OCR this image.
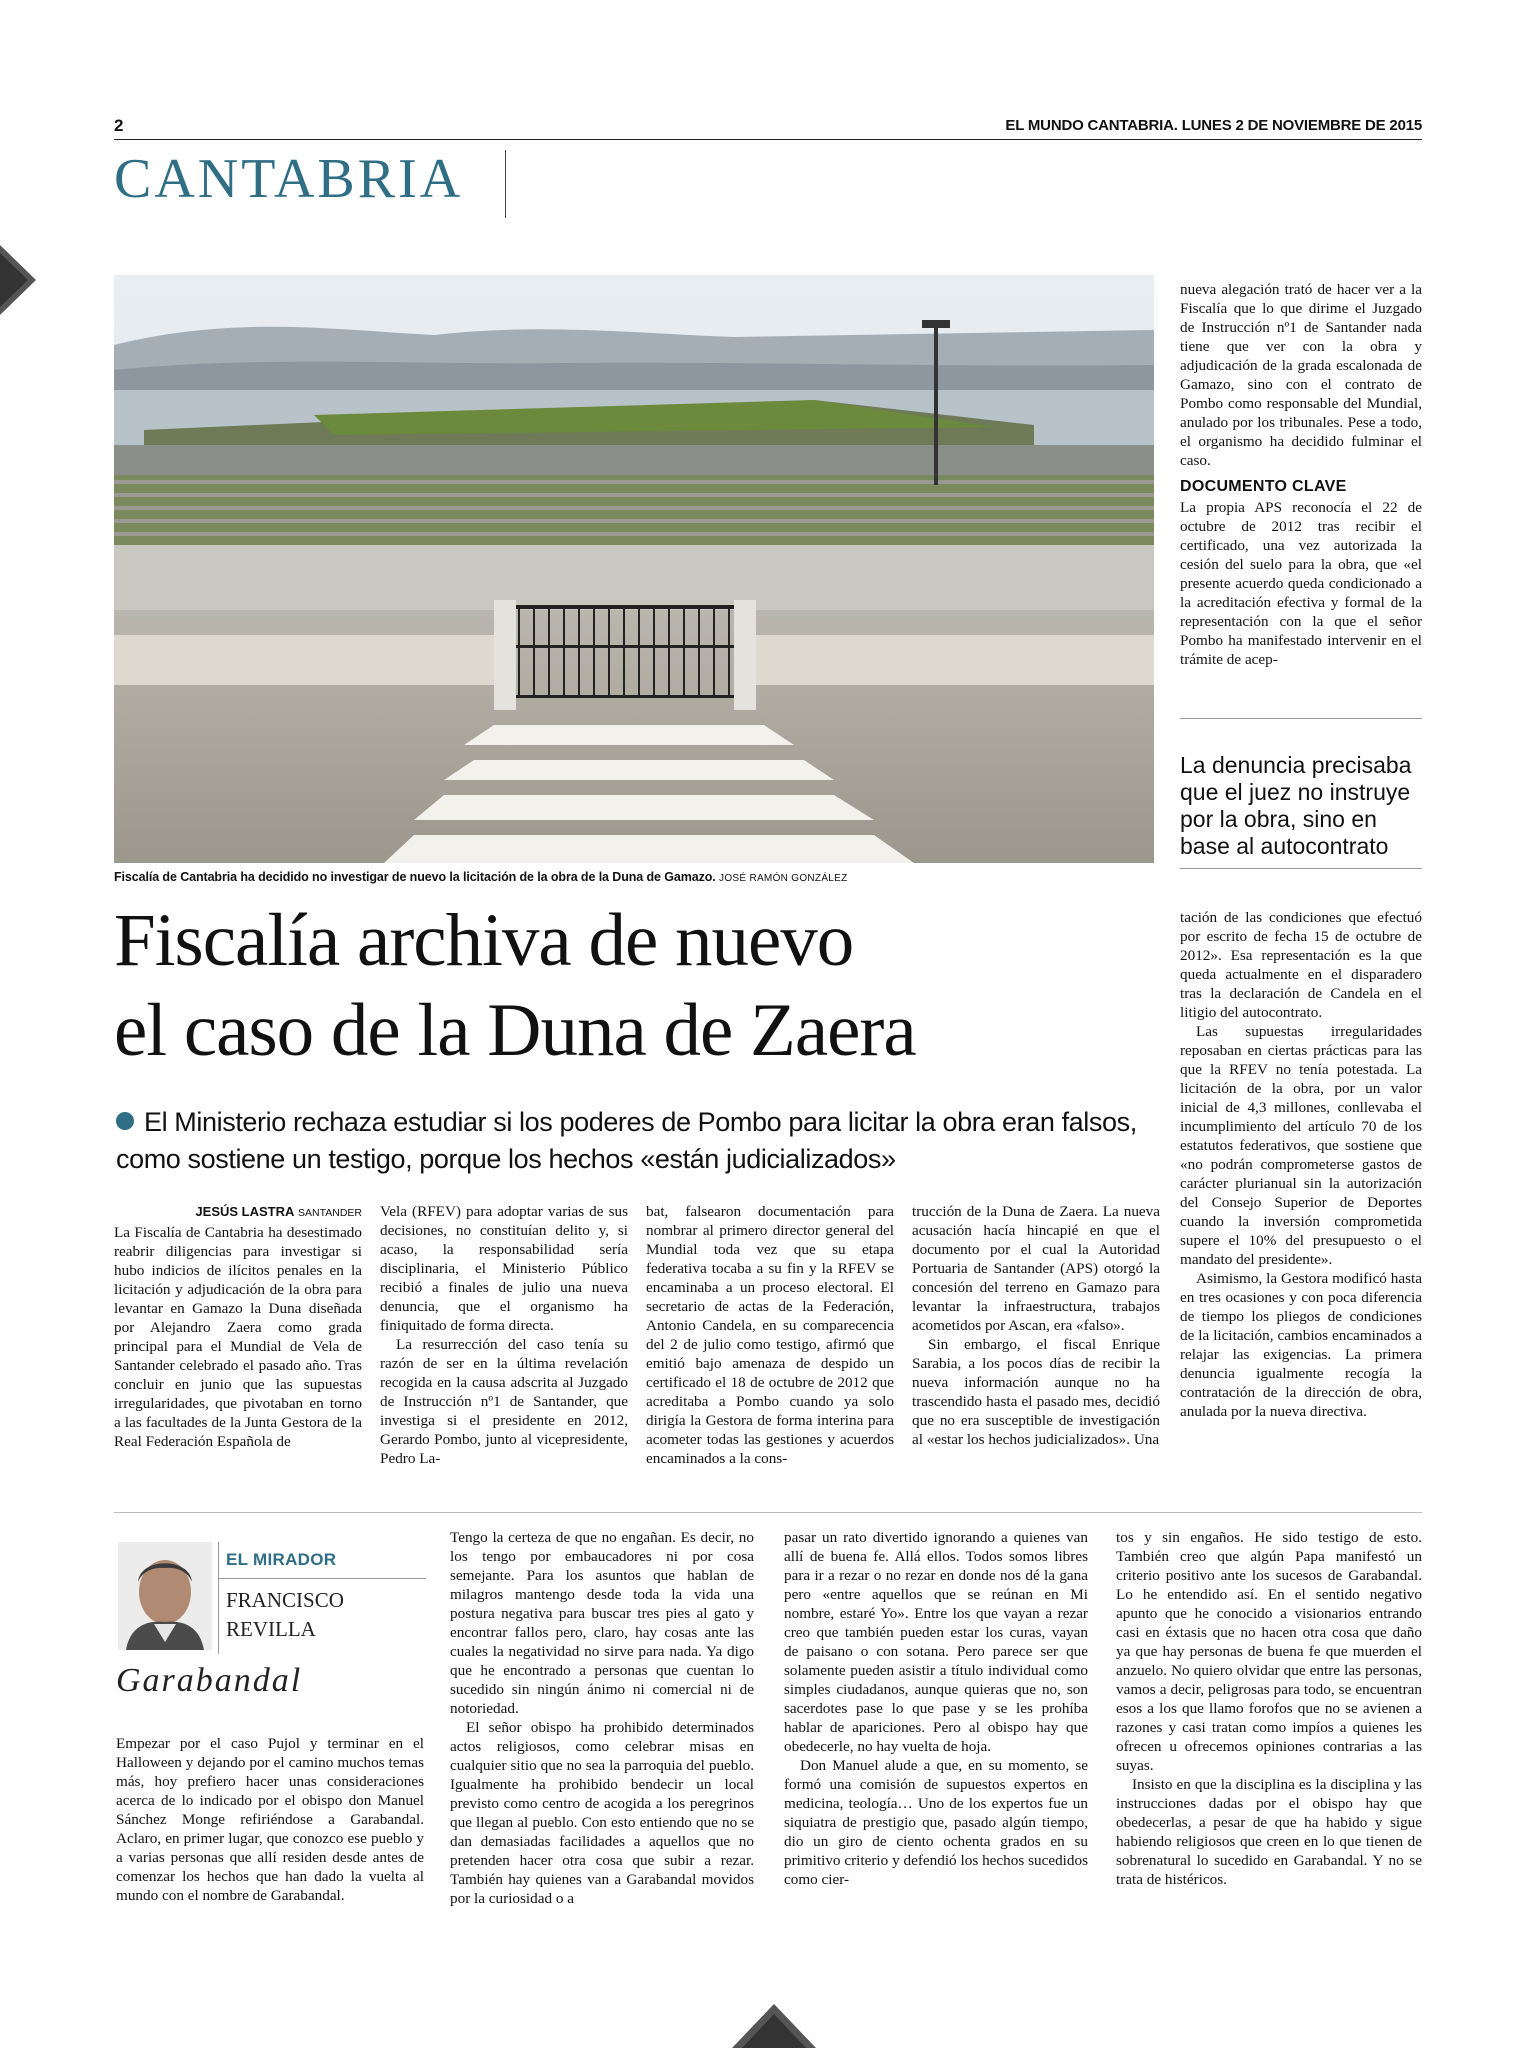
2	EL MUNDO CANTABRIA. LUNES 2 DE NOVIEMBRE DE 2015
CANTABRIA
Fiscalía de Cantabria ha decidido no investigar de nuevo la licitación de la obra de la Duna de Gamazo. JOSÉ RAMÓN GONZÁLEZ
Fiscalía archiva de nuevo
el caso de la Duna de Zaera
El Ministerio rechaza estudiar si los poderes de Pombo para licitar la obra eran falsos, como sostiene un testigo, porque los hechos «están judicializados»
JESÚS LASTRA SANTANDER

La Fiscalía de Cantabria ha desestimado reabrir diligencias para investigar si hubo indicios de ilícitos penales en la licitación y adjudicación de la obra para levantar en Gamazo la Duna diseñada por Alejandro Zaera como grada principal para el Mundial de Vela de Santander celebrado el pasado año. Tras concluir en junio que las supuestas irregularidades, que pivotaban en torno a las facultades de la Junta Gestora de la Real Federación Española de

Vela (RFEV) para adoptar varias de sus decisiones, no constituían delito y, si acaso, la responsabilidad sería disciplinaria, el Ministerio Público recibió a finales de julio una nueva denuncia, que el organismo ha finiquitado de forma directa.

La resurrección del caso tenía su razón de ser en la última revelación recogida en la causa adscrita al Juzgado de Instrucción nº1 de Santander, que investiga si el presidente en 2012, Gerardo Pombo, junto al vicepresidente, Pedro La-

bat, falsearon documentación para nombrar al primero director general del Mundial toda vez que su etapa federativa tocaba a su fin y la RFEV se encaminaba a un proceso electoral. El secretario de actas de la Federación, Antonio Candela, en su comparecencia del 2 de julio como testigo, afirmó que emitió bajo amenaza de despido un certificado el 18 de octubre de 2012 que acreditaba a Pombo cuando ya solo dirigía la Gestora de forma interina para acometer todas las gestiones y acuerdos encaminados a la cons-

trucción de la Duna de Zaera. La nueva acusación hacía hincapié en que el documento por el cual la Autoridad Portuaria de Santander (APS) otorgó la concesión del terreno en Gamazo para levantar la infraestructura, trabajos acometidos por Ascan, era «falso».

Sin embargo, el fiscal Enrique Sarabia, a los pocos días de recibir la nueva información aunque no ha trascendido hasta el pasado mes, decidió que no era susceptible de investigación al «estar los hechos judicializados». Una

nueva alegación trató de hacer ver a la Fiscalía que lo que dirime el Juzgado de Instrucción nº1 de Santander nada tiene que ver con la obra y adjudicación de la grada escalonada de Gamazo, sino con el contrato de Pombo como responsable del Mundial, anulado por los tribunales. Pese a todo, el organismo ha decidido fulminar el caso.

DOCUMENTO CLAVE

La propia APS reconocía el 22 de octubre de 2012 tras recibir el certificado, una vez autorizada la cesión del suelo para la obra, que «el presente acuerdo queda condicionado a la acreditación efectiva y formal de la representación con la que el señor Pombo ha manifestado intervenir en el trámite de acep-

La denuncia precisaba que el juez no instruye por la obra, sino en base al autocontrato

tación de las condiciones que efectuó por escrito de fecha 15 de octubre de 2012». Esa representación es la que queda actualmente en el disparadero tras la declaración de Candela en el litigio del autocontrato.

Las supuestas irregularidades reposaban en ciertas prácticas para las que la RFEV no tenía potestada. La licitación de la obra, por un valor inicial de 4,3 millones, conllevaba el incumplimiento del artículo 70 de los estatutos federativos, que sostiene que «no podrán comprometerse gastos de carácter plurianual sin la autorización del Consejo Superior de Deportes cuando la inversión comprometida supere el 10% del presupuesto o el mandato del presidente».

Asimismo, la Gestora modificó hasta en tres ocasiones y con poca diferencia de tiempo los pliegos de condiciones de la licitación, cambios encaminados a relajar las exigencias. La primera denuncia igualmente recogía la contratación de la dirección de obra, anulada por la nueva directiva.

EL MIRADOR
FRANCISCO
REVILLA
Garabandal

Empezar por el caso Pujol y terminar en el Halloween y dejando por el camino muchos temas más, hoy prefiero hacer unas consideraciones acerca de lo indicado por el obispo don Manuel Sánchez Monge refiriéndose a Garabandal. Aclaro, en primer lugar, que conozco ese pueblo y a varias personas que allí residen desde antes de comenzar los hechos que han dado la vuelta al mundo con el nombre de Garabandal.

Tengo la certeza de que no engañan. Es decir, no los tengo por embaucadores ni por cosa semejante. Para los asuntos que hablan de milagros mantengo desde toda la vida una postura negativa para buscar tres pies al gato y encontrar fallos pero, claro, hay cosas ante las cuales la negatividad no sirve para nada. Ya digo que he encontrado a personas que cuentan lo sucedido sin ningún ánimo ni comercial ni de notoriedad.

El señor obispo ha prohibido determinados actos religiosos, como celebrar misas en cualquier sitio que no sea la parroquia del pueblo. Igualmente ha prohibido bendecir un local previsto como centro de acogida a los peregrinos que llegan al pueblo. Con esto entiendo que no se dan demasiadas facilidades a aquellos que no pretenden hacer otra cosa que subir a rezar. También hay quienes van a Garabandal movidos por la curiosidad o a

pasar un rato divertido ignorando a quienes van allí de buena fe. Allá ellos. Todos somos libres para ir a rezar o no rezar en donde nos dé la gana pero «entre aquellos que se reúnan en Mi nombre, estaré Yo». Entre los que vayan a rezar creo que también pueden estar los curas, vayan de paisano o con sotana. Pero parece ser que solamente pueden asistir a título individual como simples ciudadanos, aunque quieras que no, son sacerdotes pase lo que pase y se les prohíba hablar de apariciones. Pero al obispo hay que obedecerle, no hay vuelta de hoja.

Don Manuel alude a que, en su momento, se formó una comisión de supuestos expertos en medicina, teología… Uno de los expertos fue un siquiatra de prestigio que, pasado algún tiempo, dio un giro de ciento ochenta grados en su primitivo criterio y defendió los hechos sucedidos como cier-

tos y sin engaños. He sido testigo de esto. También creo que algún Papa manifestó un criterio positivo ante los sucesos de Garabandal. Lo he entendido así. En el sentido negativo apunto que he conocido a visionarios entrando casi en éxtasis que no hacen otra cosa que daño ya que hay personas de buena fe que muerden el anzuelo. No quiero olvidar que entre las personas, vamos a decir, peligrosas para todo, se encuentran esos a los que llamo forofos que no se avienen a razones y casi tratan como impíos a quienes les ofrecen u ofrecemos opiniones contrarias a las suyas.

Insisto en que la disciplina es la disciplina y las instrucciones dadas por el obispo hay que obedecerlas, a pesar de que ha habido y sigue habiendo religiosos que creen en lo que tienen de sobrenatural lo sucedido en Garabandal. Y no se trata de histéricos.
